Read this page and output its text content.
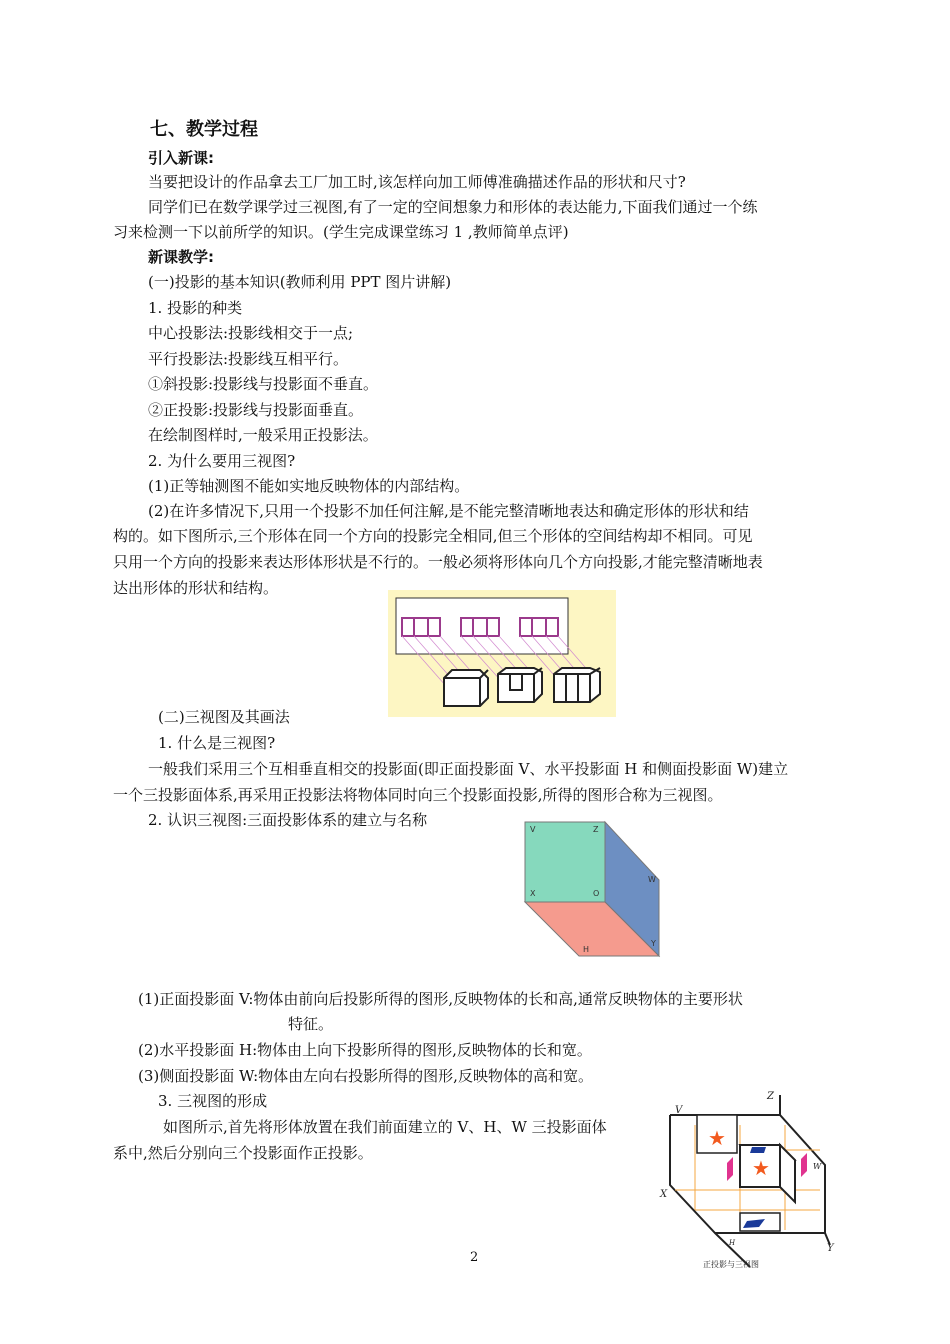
七、教学过程
引入新课:
当要把设计的作品拿去工厂加工时,该怎样向加工师傅准确描述作品的形状和尺寸?
同学们已在数学课学过三视图,有了一定的空间想象力和形体的表达能力,下面我们通过一个练
习来检测一下以前所学的知识。(学生完成课堂练习 1 ,教师简单点评)
新课教学:
(一)投影的基本知识(教师利用 PPT 图片讲解)
1. 投影的种类
中心投影法:投影线相交于一点;
平行投影法:投影线互相平行。
①斜投影:投影线与投影面不垂直。
②正投影:投影线与投影面垂直。
在绘制图样时,一般采用正投影法。
2. 为什么要用三视图?
(1)正等轴测图不能如实地反映物体的内部结构。
(2)在许多情况下,只用一个投影不加任何注解,是不能完整清晰地表达和确定形体的形状和结
构的。如下图所示,三个形体在同一个方向的投影完全相同,但三个形体的空间结构却不相同。可见
只用一个方向的投影来表达形体形状是不行的。一般必须将形体向几个方向投影,才能完整清晰地表
达出形体的形状和结构。
(二)三视图及其画法
1. 什么是三视图?
一般我们采用三个互相垂直相交的投影面(即正面投影面 V、水平投影面 H 和侧面投影面 W)建立
一个三投影面体系,再采用正投影法将物体同时向三个投影面投影,所得的图形合称为三视图。
2. 认识三视图:三面投影体系的建立与名称
V	Z
W
X	O
H
Y
(1)正面投影面 V:物体由前向后投影所得的图形,反映物体的长和高,通常反映物体的主要形状
特征。
(2)水平投影面 H:物体由上向下投影所得的图形,反映物体的长和宽。
(3)侧面投影面 W:物体由左向右投影所得的图形,反映物体的高和宽。
3. 三视图的形成
如图所示,首先将形体放置在我们前面建立的 V、H、W 三投影面体
系中,然后分别向三个投影面作正投影。
★
★
V
Z
W
X
H	Y
正投影与三视图
2
